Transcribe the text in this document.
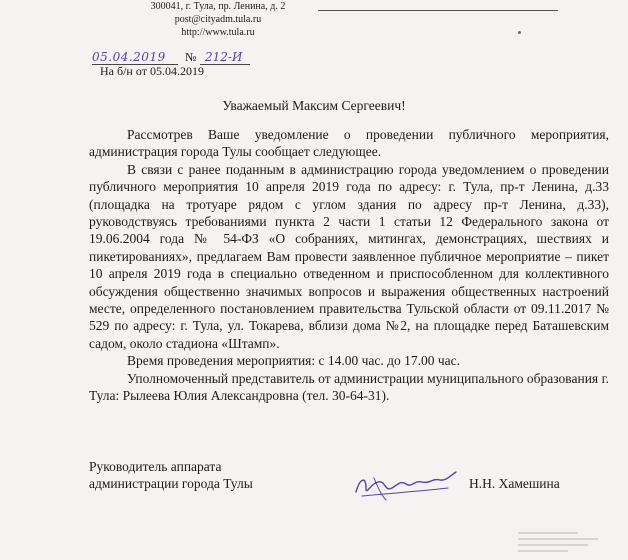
300041, г. Тула, пр. Ленина, д. 2
post@cityadm.tula.ru
http://www.tula.ru
05.04.2019 № 212-И
На б/н от 05.04.2019
Уважаемый Максим Сергеевич!

Рассмотрев Ваше уведомление о проведении публичного мероприятия, администрация города Тулы сообщает следующее.

В связи с ранее поданным в администрацию города уведомлением о проведении публичного мероприятия 10 апреля 2019 года по адресу: г. Тула, пр-т Ленина, д.33 (площадка на тротуаре рядом с углом здания по адресу пр-т Ленина, д.33), руководствуясь требованиями пункта 2 части 1 статьи 12 Федерального закона от 19.06.2004 года № 54-ФЗ «О собраниях, митингах, демонстрациях, шествиях и пикетированиях», предлагаем Вам провести заявленное публичное мероприятие – пикет 10 апреля 2019 года в специально отведенном и приспособленном для коллективного обсуждения общественно значимых вопросов и выражения общественных настроений месте, определенного постановлением правительства Тульской области от 09.11.2017 № 529 по адресу: г. Тула, ул. Токарева, вблизи дома №2, на площадке перед Баташевским садом, около стадиона «Штамп».

Время проведения мероприятия: с 14.00 час. до 17.00 час.

Уполномоченный представитель от администрации муниципального образования г. Тула: Рылеева Юлия Александровна (тел. 30-64-31).

Руководитель аппарата
администрации города Тулы	Н.Н. Хамешина
